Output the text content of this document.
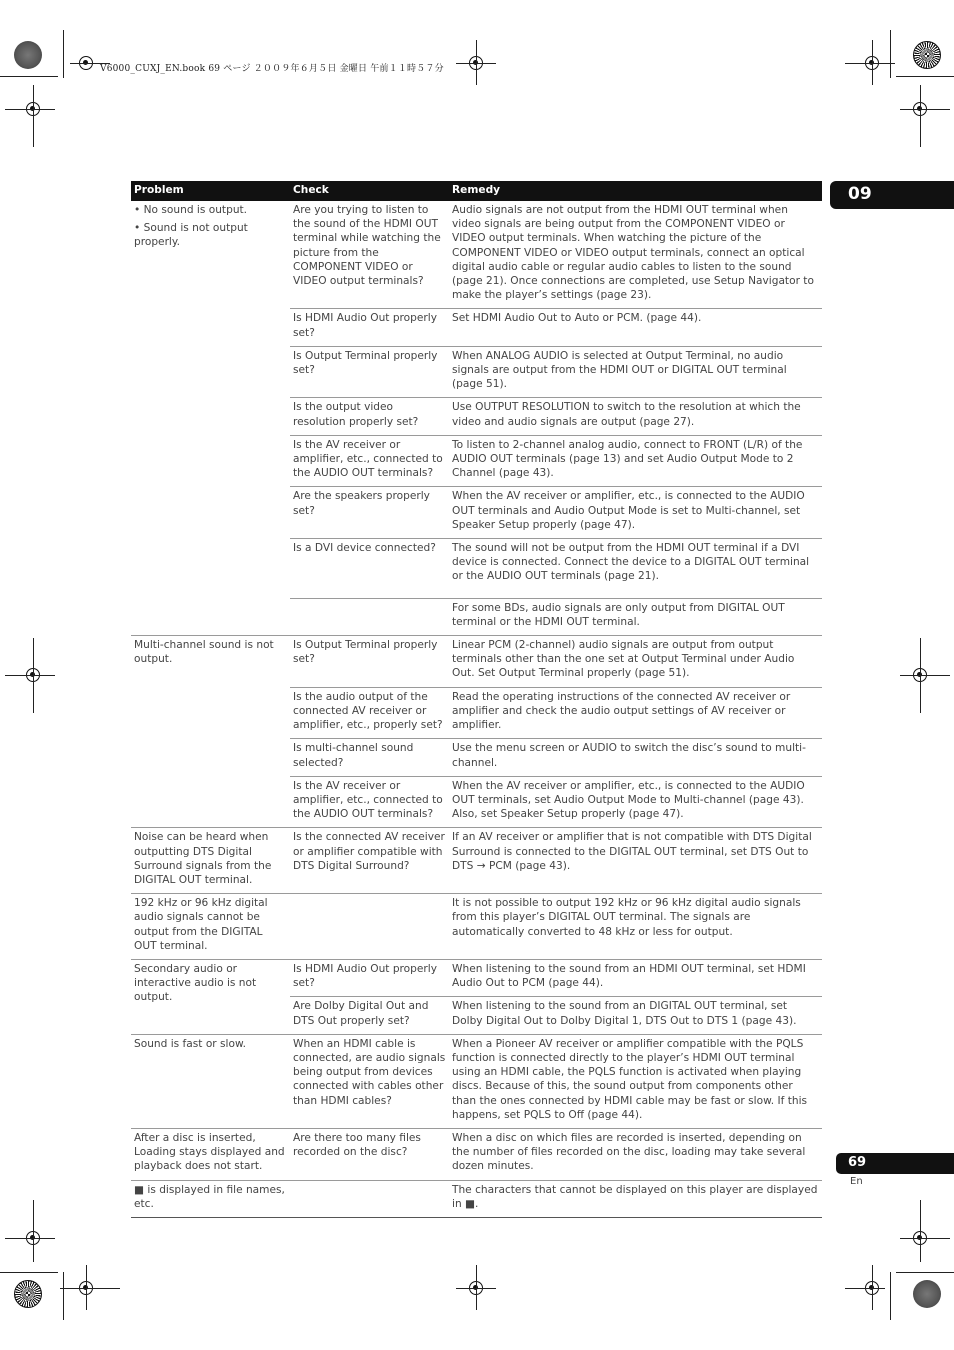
V6000_CUXJ_EN.book 69 ページ ２００９年６月５日 金曜日 午前１１時５７分
09
Problem	Check	Remedy

• No sound is output.
• Sound is not output properly.	Are you trying to listen to the sound of the HDMI OUT terminal while watching the picture from the COMPONENT VIDEO or VIDEO output terminals?	Audio signals are not output from the HDMI OUT terminal when video signals are being output from the COMPONENT VIDEO or VIDEO output terminals. When watching the picture of the COMPONENT VIDEO or VIDEO output terminals, connect an optical digital audio cable or regular audio cables to listen to the sound (page 21). Once connections are completed, use Setup Navigator to make the player’s settings (page 23).
	Is HDMI Audio Out properly set?	Set HDMI Audio Out to Auto or PCM. (page 44).
	Is Output Terminal properly set?	When ANALOG AUDIO is selected at Output Terminal, no audio signals are output from the HDMI OUT or DIGITAL OUT terminal (page 51).
	Is the output video resolution properly set?	Use OUTPUT RESOLUTION to switch to the resolution at which the video and audio signals are output (page 27).
	Is the AV receiver or amplifier, etc., connected to the AUDIO OUT terminals?	To listen to 2-channel analog audio, connect to FRONT (L/R) of the AUDIO OUT terminals (page 13) and set Audio Output Mode to 2 Channel (page 43).
	Are the speakers properly set?	When the AV receiver or amplifier, etc., is connected to the AUDIO OUT terminals and Audio Output Mode is set to Multi-channel, set Speaker Setup properly (page 47).
	Is a DVI device connected?	The sound will not be output from the HDMI OUT terminal if a DVI device is connected. Connect the device to a DIGITAL OUT terminal or the AUDIO OUT terminals (page 21).
		For some BDs, audio signals are only output from DIGITAL OUT terminal or the HDMI OUT terminal.
Multi-channel sound is not output.	Is Output Terminal properly set?	Linear PCM (2-channel) audio signals are output from output terminals other than the one set at Output Terminal under Audio Out. Set Output Terminal properly (page 51).
	Is the audio output of the connected AV receiver or amplifier, etc., properly set?	Read the operating instructions of the connected AV receiver or amplifier and check the audio output settings of AV receiver or amplifier.
	Is multi-channel sound selected?	Use the menu screen or AUDIO to switch the disc’s sound to multi-channel.
	Is the AV receiver or amplifier, etc., connected to the AUDIO OUT terminals?	When the AV receiver or amplifier, etc., is connected to the AUDIO OUT terminals, set Audio Output Mode to Multi-channel (page 43). Also, set Speaker Setup properly (page 47).
Noise can be heard when outputting DTS Digital Surround signals from the DIGITAL OUT terminal.	Is the connected AV receiver or amplifier compatible with DTS Digital Surround?	If an AV receiver or amplifier that is not compatible with DTS Digital Surround is connected to the DIGITAL OUT terminal, set DTS Out to DTS → PCM (page 43).
192 kHz or 96 kHz digital audio signals cannot be output from the DIGITAL OUT terminal.		It is not possible to output 192 kHz or 96 kHz digital audio signals from this player’s DIGITAL OUT terminal. The signals are automatically converted to 48 kHz or less for output.
Secondary audio or interactive audio is not output.	Is HDMI Audio Out properly set?	When listening to the sound from an HDMI OUT terminal, set HDMI Audio Out to PCM (page 44).
	Are Dolby Digital Out and DTS Out properly set?	When listening to the sound from an DIGITAL OUT terminal, set Dolby Digital Out to Dolby Digital 1, DTS Out to DTS 1 (page 43).
Sound is fast or slow.	When an HDMI cable is connected, are audio signals being output from devices connected with cables other than HDMI cables?	When a Pioneer AV receiver or amplifier compatible with the PQLS function is connected directly to the player’s HDMI OUT terminal using an HDMI cable, the PQLS function is activated when playing discs. Because of this, the sound output from components other than the ones connected by HDMI cable may be fast or slow. If this happens, set PQLS to Off (page 44).
After a disc is inserted, Loading stays displayed and playback does not start.	Are there too many files recorded on the disc?	When a disc on which files are recorded is inserted, depending on the number of files recorded on the disc, loading may take several dozen minutes.
■ is displayed in file names, etc.		The characters that cannot be displayed on this player are displayed in ■.
69
En
